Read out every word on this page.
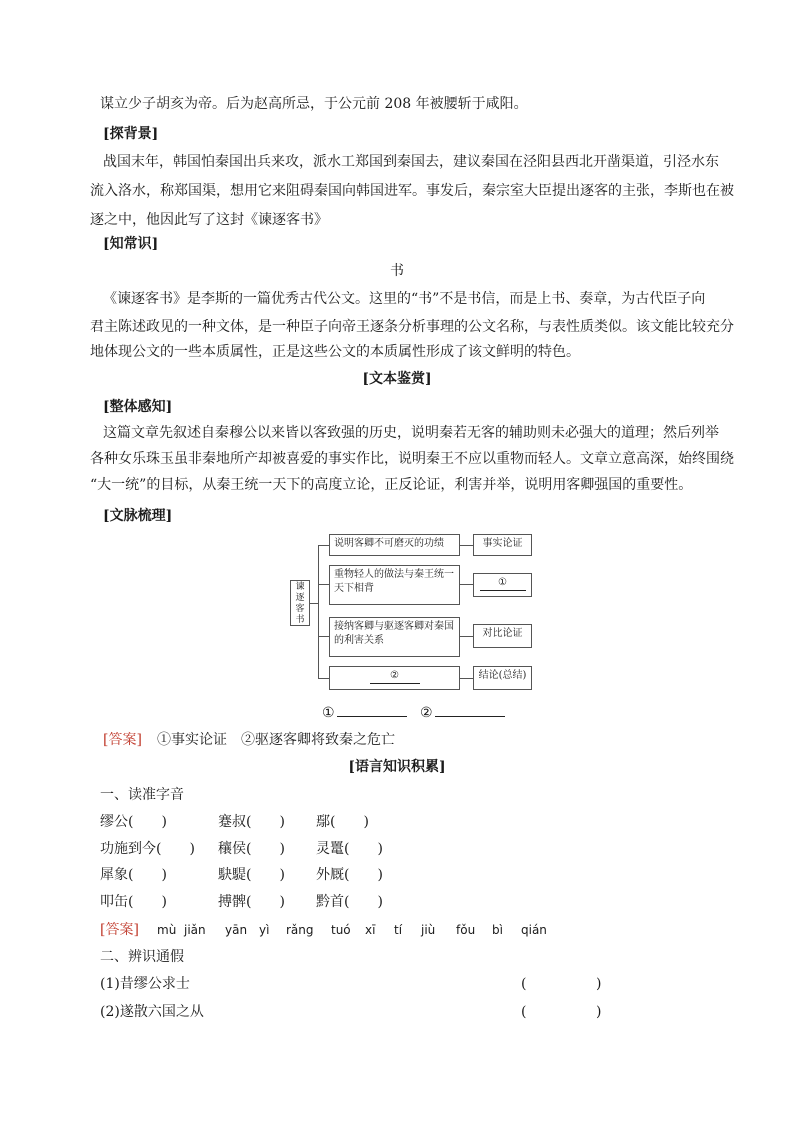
谋立少子胡亥为帝。后为赵高所忌，于公元前 208 年被腰斩于咸阳。
[探背景]
战国末年，韩国怕秦国出兵来攻，派水工郑国到秦国去，建议秦国在泾阳县西北开凿渠道，引泾水东
流入洛水，称郑国渠，想用它来阻碍秦国向韩国进军。事发后，秦宗室大臣提出逐客的主张，李斯也在被
逐之中，他因此写了这封《谏逐客书》
[知常识]
书
《谏逐客书》是李斯的一篇优秀古代公文。这里的“书”不是书信，而是上书、奏章，为古代臣子向
君主陈述政见的一种文体，是一种臣子向帝王逐条分析事理的公文名称，与表性质类似。该文能比较充分
地体现公文的一些本质属性，正是这些公文的本质属性形成了该文鲜明的特色。
[文本鉴赏]
[整体感知]
这篇文章先叙述自秦穆公以来皆以客致强的历史，说明秦若无客的辅助则未必强大的道理；然后列举
各种女乐珠玉虽非秦地所产却被喜爱的事实作比，说明秦王不应以重物而轻人。文章立意高深，始终围绕
“大一统”的目标，从秦王统一天下的高度立论，正反论证，利害并举，说明用客卿强国的重要性。
[文脉梳理]
谏逐客书
说明客卿不可磨灭的功绩	事实论证
重物轻人的做法与秦王统一天下相背
①
接纳客卿与驱逐客卿对秦国的利害关系
对比论证
②	结论(总结)
①	②
[答案] ①事实论证　②驱逐客卿将致秦之危亡
[语言知识积累]
一、读准字音
缪公(　　)	蹇叔(　　) 鄢(　　)
功施到今(　　) 穰侯(　　) 灵鼍(　　)
犀象(　　)	駃騠(　　) 外厩(　　)
叩缶(　　)	搏髀(　　) 黔首(　　)
[答案] mù jiǎn yān yì rǎng tuó xī tí jiù fǒu bì qián
二、辨识通假
(1)昔缪公求士	(	)
(2)遂散六国之从	(	)
